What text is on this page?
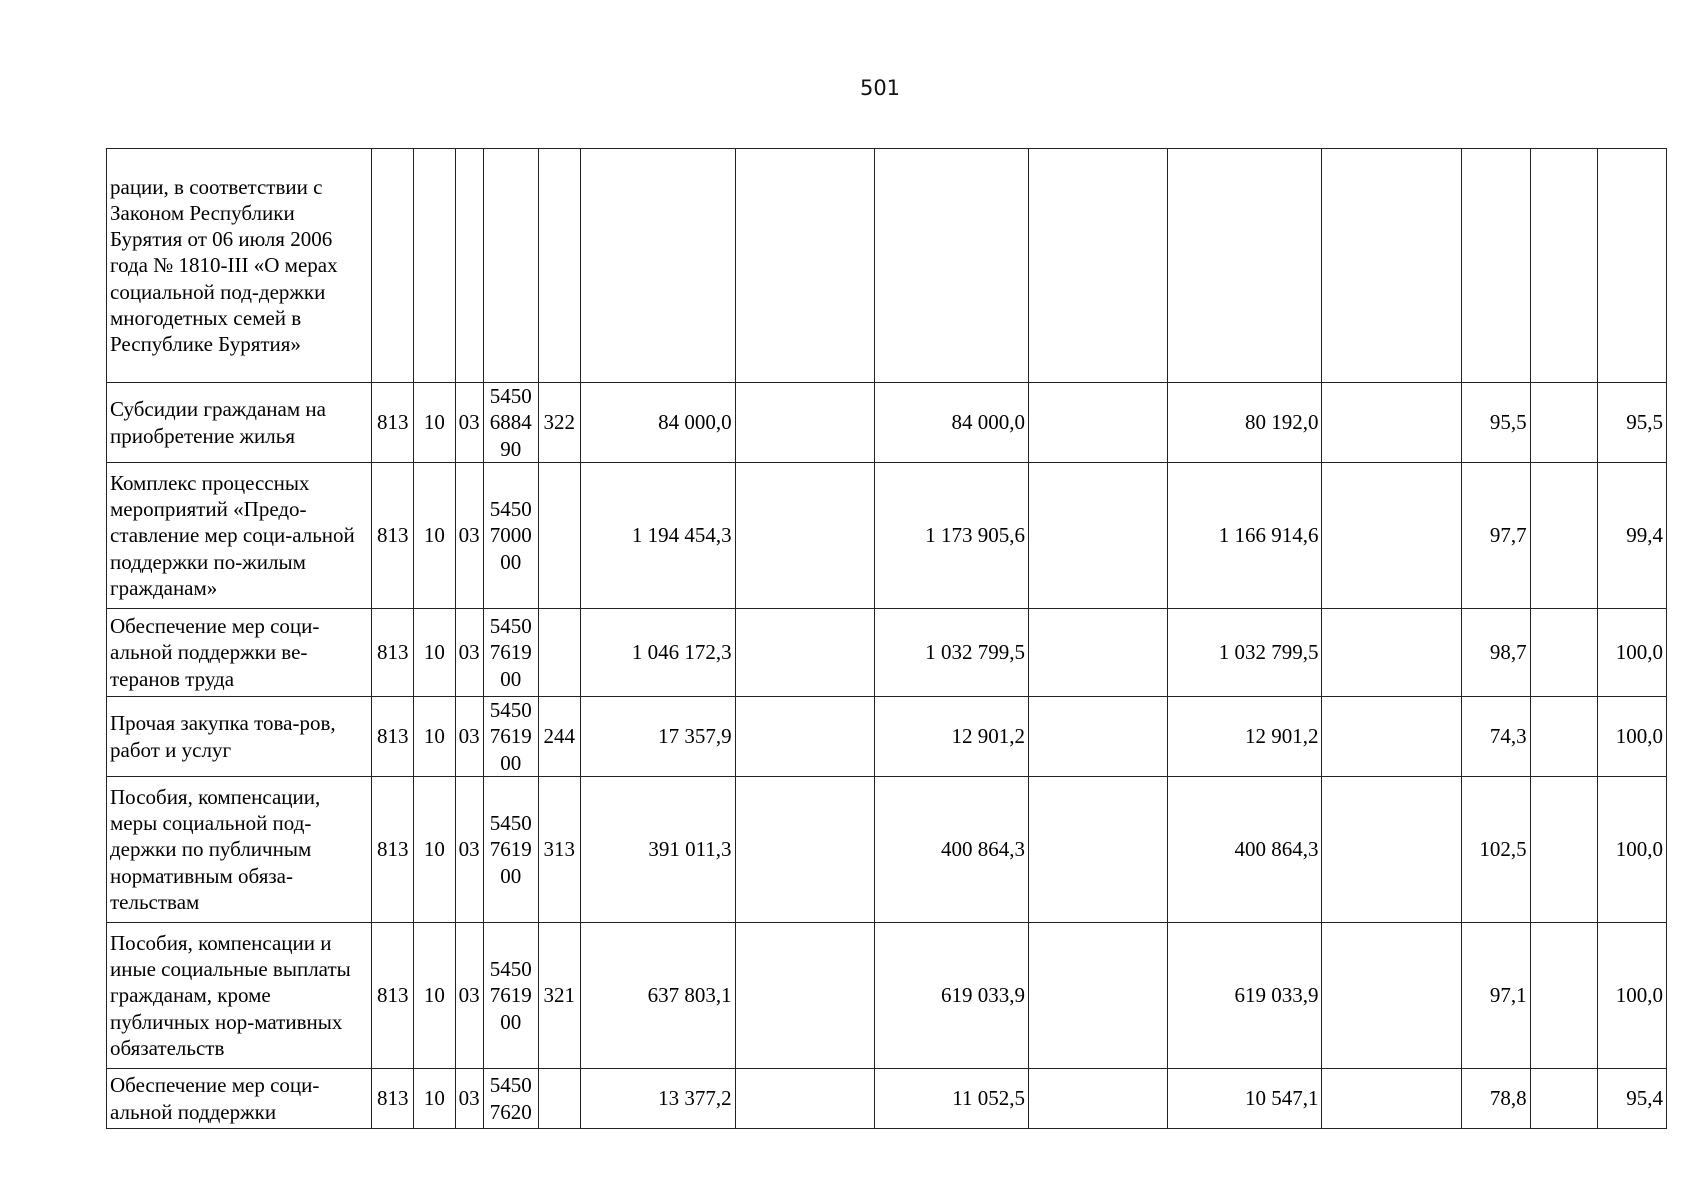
501
рации, в соответствии с Законом Республики Бурятия от 06 июля 2006 года № 1810-III «О мерах социальной под-держки многодетных семей в Республике Бурятия»				

Субсидии гражданам на приобретение жилья	813	10	03	5450
6884
90	322	84 000,0		84 000,0		80 192,0		95,5		95,5
Комплекс процессных мероприятий «Предо-ставление мер соци-альной поддержки по-жилым гражданам»	813	10	03	5450
7000
00		1 194 454,3		1 173 905,6		1 166 914,6		97,7		99,4
Обеспечение мер соци-альной поддержки ве-теранов труда	813	10	03	5450
7619
00		1 046 172,3		1 032 799,5		1 032 799,5		98,7		100,0
Прочая закупка това-ров, работ и услуг	813	10	03	5450
7619
00	244	17 357,9		12 901,2		12 901,2		74,3		100,0
Пособия, компенсации, меры социальной под-держки по публичным нормативным обяза-тельствам	813	10	03	5450
7619
00	313	391 011,3		400 864,3		400 864,3		102,5		100,0
Пособия, компенсации и иные социальные выплаты гражданам, кроме публичных нор-мативных обязательств	813	10	03	5450
7619
00	321	637 803,1		619 033,9		619 033,9		97,1		100,0
Обеспечение мер соци-альной поддержки	813	10	03	5450
7620		13 377,2		11 052,5		10 547,1		78,8		95,4
